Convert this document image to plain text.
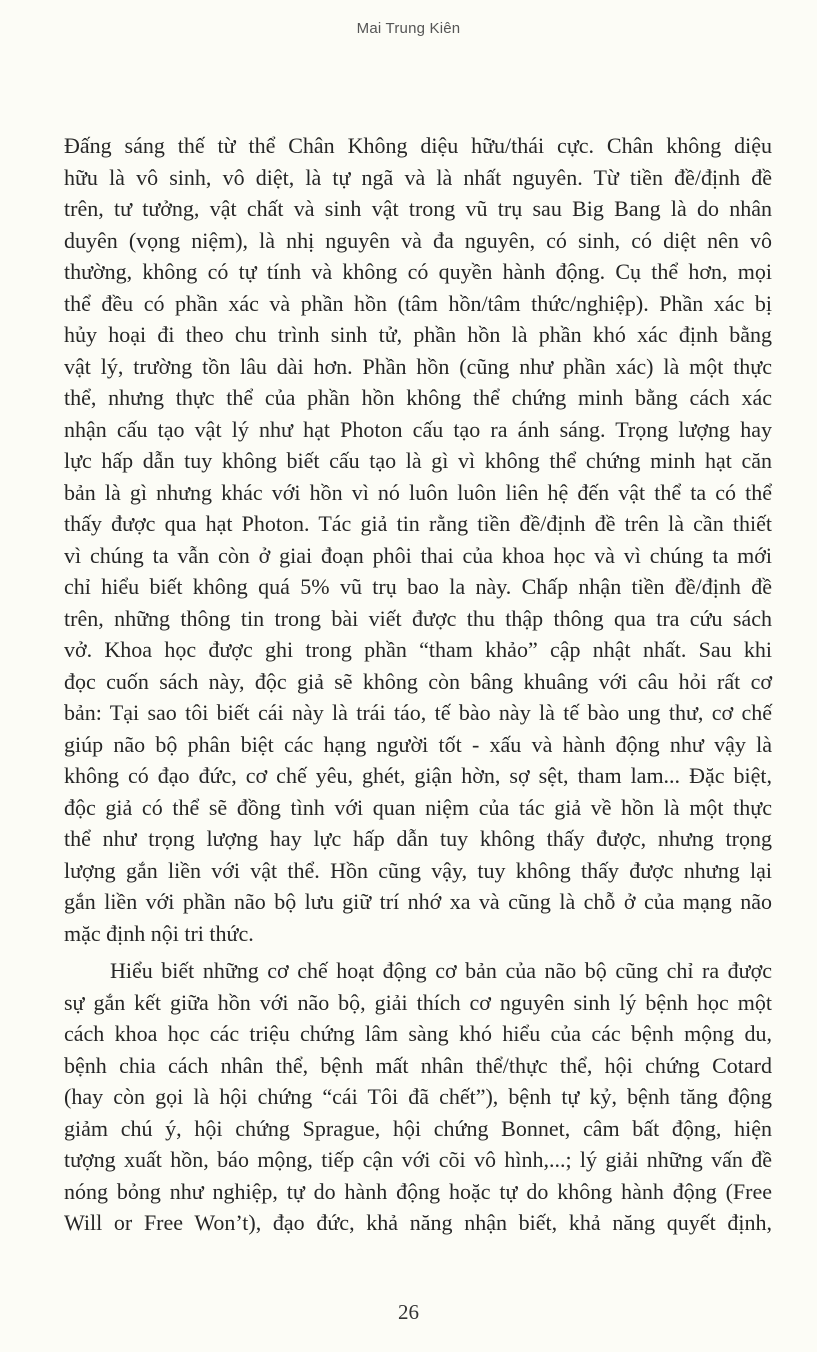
Mai Trung Kiên
Đấng sáng thế từ thể Chân Không diệu hữu/thái cực. Chân không diệu
hữu là vô sinh, vô diệt, là tự ngã và là nhất nguyên. Từ tiền đề/định đề
trên, tư tưởng, vật chất và sinh vật trong vũ trụ sau Big Bang là do nhân
duyên (vọng niệm), là nhị nguyên và đa nguyên, có sinh, có diệt nên vô
thường, không có tự tính và không có quyền hành động. Cụ thể hơn, mọi
thể đều có phần xác và phần hồn (tâm hồn/tâm thức/nghiệp). Phần xác bị
hủy hoại đi theo chu trình sinh tử, phần hồn là phần khó xác định bằng
vật lý, trường tồn lâu dài hơn. Phần hồn (cũng như phần xác) là một thực
thể, nhưng thực thể của phần hồn không thể chứng minh bằng cách xác
nhận cấu tạo vật lý như hạt Photon cấu tạo ra ánh sáng. Trọng lượng hay
lực hấp dẫn tuy không biết cấu tạo là gì vì không thể chứng minh hạt căn
bản là gì nhưng khác với hồn vì nó luôn luôn liên hệ đến vật thể ta có thể
thấy được qua hạt Photon. Tác giả tin rằng tiền đề/định đề trên là cần thiết
vì chúng ta vẫn còn ở giai đoạn phôi thai của khoa học và vì chúng ta mới
chỉ hiểu biết không quá 5% vũ trụ bao la này. Chấp nhận tiền đề/định đề
trên, những thông tin trong bài viết được thu thập thông qua tra cứu sách
vở. Khoa học được ghi trong phần “tham khảo” cập nhật nhất. Sau khi
đọc cuốn sách này, độc giả sẽ không còn bâng khuâng với câu hỏi rất cơ
bản: Tại sao tôi biết cái này là trái táo, tế bào này là tế bào ung thư, cơ chế
giúp não bộ phân biệt các hạng người tốt - xấu và hành động như vậy là
không có đạo đức, cơ chế yêu, ghét, giận hờn, sợ sệt, tham lam... Đặc biệt,
độc giả có thể sẽ đồng tình với quan niệm của tác giả về hồn là một thực
thể như trọng lượng hay lực hấp dẫn tuy không thấy được, nhưng trọng
lượng gắn liền với vật thể. Hồn cũng vậy, tuy không thấy được nhưng lại
gắn liền với phần não bộ lưu giữ trí nhớ xa và cũng là chỗ ở của mạng não
mặc định nội tri thức.
Hiểu biết những cơ chế hoạt động cơ bản của não bộ cũng chỉ ra được
sự gắn kết giữa hồn với não bộ, giải thích cơ nguyên sinh lý bệnh học một
cách khoa học các triệu chứng lâm sàng khó hiểu của các bệnh mộng du,
bệnh chia cách nhân thể, bệnh mất nhân thể/thực thể, hội chứng Cotard
(hay còn gọi là hội chứng “cái Tôi đã chết”), bệnh tự kỷ, bệnh tăng động
giảm chú ý, hội chứng Sprague, hội chứng Bonnet, câm bất động, hiện
tượng xuất hồn, báo mộng, tiếp cận với cõi vô hình,...; lý giải những vấn đề
nóng bỏng như nghiệp, tự do hành động hoặc tự do không hành động (Free
Will or Free Won’t), đạo đức, khả năng nhận biết, khả năng quyết định,
26
